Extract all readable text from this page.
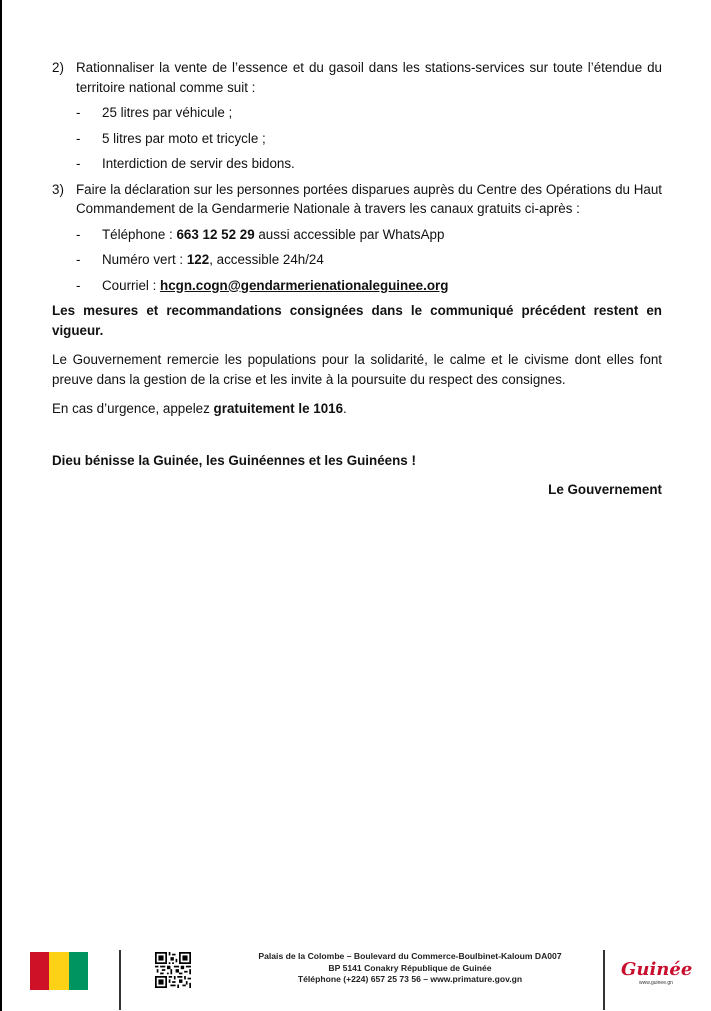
2) Rationnaliser la vente de l’essence et du gasoil dans les stations-services sur toute l’étendue du territoire national comme suit :
-	25 litres par véhicule ;
-	5 litres par moto et tricycle ;
-	Interdiction de servir des bidons.
3) Faire la déclaration sur les personnes portées disparues auprès du Centre des Opérations du Haut Commandement de la Gendarmerie Nationale à travers les canaux gratuits ci-après :
-	Téléphone : 663 12 52 29 aussi accessible par WhatsApp
-	Numéro vert : 122, accessible 24h/24
-	Courriel : hcgn.cogn@gendarmerienationaleguinee.org

Les mesures et recommandations consignées dans le communiqué précédent restent en vigueur.

Le Gouvernement remercie les populations pour la solidarité, le calme et le civisme dont elles font preuve dans la gestion de la crise et les invite à la poursuite du respect des consignes.

En cas d’urgence, appelez gratuitement le 1016.

Dieu bénisse la Guinée, les Guinéennes et les Guinéens !
Le Gouvernement
Palais de la Colombe – Boulevard du Commerce-Boulbinet-Kaloum DA007
BP 5141 Conakry République de Guinée
Téléphone (+224) 657 25 73 56 – www.primature.gov.gn	Guinée
www.guinee.gn
